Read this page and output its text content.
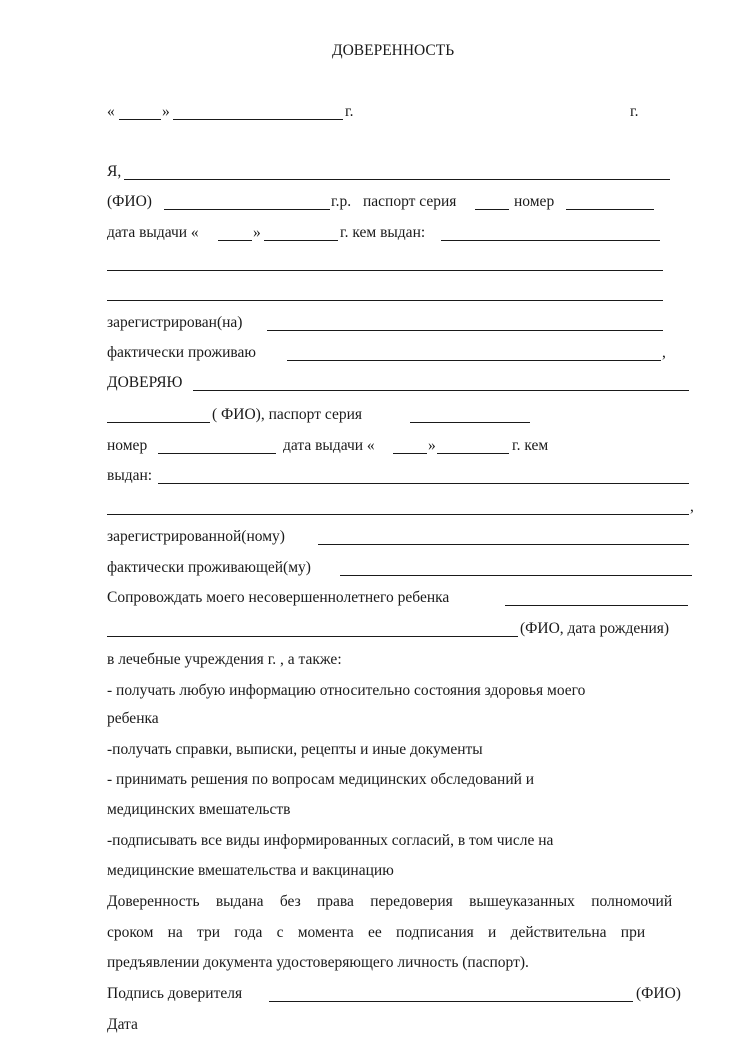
ДОВЕРЕННОСТЬ
«	»	г.	г.
Я,
(ФИО)	г.р. паспорт серия	номер
дата выдачи «	»	г. кем выдан:
зарегистрирован(на)
фактически проживаю	,
ДОВЕРЯЮ
( ФИО), паспорт серия
номер	дата выдачи «	»	г. кем
выдан:
,
зарегистрированной(ному)
фактически проживающей(му)
Сопровождать моего несовершеннолетнего ребенка
(ФИО, дата рождения)
в лечебные учреждения г. , а также:
- получать любую информацию относительно состояния здоровья моего
ребенка
-получать справки, выписки, рецепты и иные документы
- принимать решения по вопросам медицинских обследований и
медицинских вмешательств
-подписывать все виды информированных согласий, в том числе на
медицинские вмешательства и вакцинацию
Доверенность выдана без права передоверия вышеуказанных полномочий
сроком на три года с момента ее подписания и действительна при
предъявлении документа удостоверяющего личность (паспорт).
Подпись доверителя	(ФИО)
Дата
